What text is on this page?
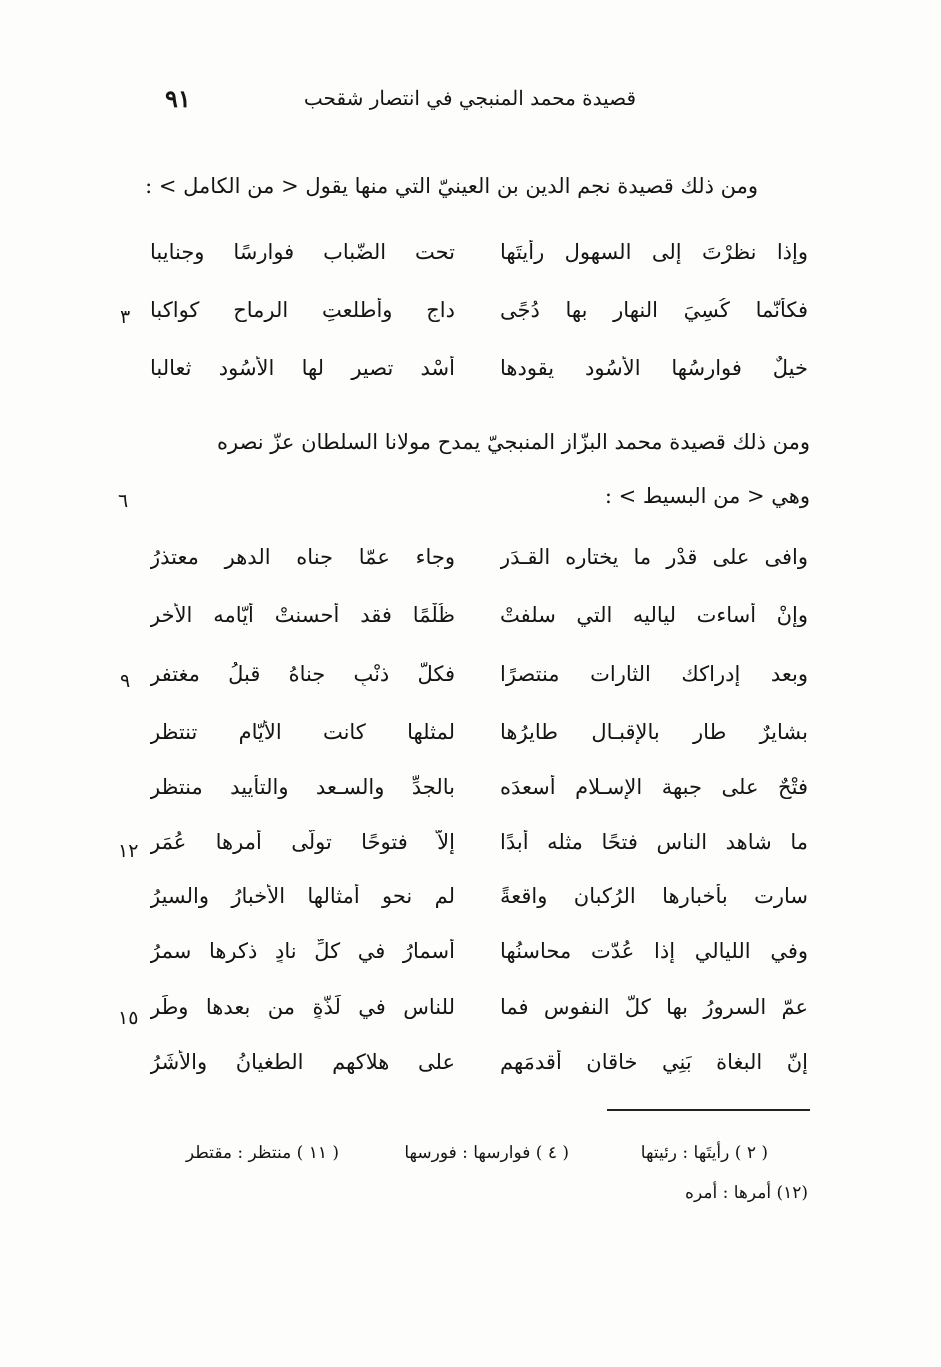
قصيدة محمد المنبجي في انتصار شقحب
٩١
ومن ذلك قصيدة نجم الدين بن العينيّ التي منها يقول < من الكامل > :
وإذا نظرْتَ إلى السهول رأيتَها
تحت الضّباب فوارسًا وجنايبا
فكأنّما كُسِيَ النهار بها دُجًى
داجٍ وأطلعتِ الرماح كواكبا
٣
خيلٌ فوارسُها الأسُود يقودها
أُسْد تصير لها الأُسُود ثعالبا
ومن ذلك قصيدة محمد البزّاز المنبجيّ يمدح مولانا السلطان عزّ نصره
وهي < من البسيط > :
٦
وافى على قدْرٍ ما يختاره القـدَر
وجاء عمّا جناه الدهر معتذرُ
وإنْ أساءت لياليه التي سلفتْ
ظُلْمًا فقد أحسنتْ أيّامه الأُخر
وبعد إدراكك الثارات منتصرًا
فكلُّ ذنْبٍ جناهُ قبلُ مغتفر
٩
بشايرٌ طار بالإقبـال طايرُها
لمثلها كانت الأيّام تنتظر
فتْحٌ على جبهة الإسـلام أسعدَه
بالجدِّ والسـعد والتأييد منتظر
ما شاهد الناس فتحًا مثله أبدًا
إلاّ فتوحًا تولّى أمرها عُمَر
١٢
سارت بأخبارها الرُكبان واقعةً
لم نحوِ أمثالها الأخبارُ والسيرُ
وفي الليالي إذا عُدّت محاسنُها
أسمارُ في كلِّ نادٍ ذكرها سمرُ
عمّ السرورُ بها كلَّ النفوس فما
للناس في لَذّةٍ من بعدها وطَر
١٥
إنّ البغاة بَنِي خاقان أقدمَهم
على هلاكهم الطغيانُ والأشَرُ
( ٢ ) رأيتَها : رئيتها
( ٤ ) فوارسها : فورسها
( ١١ ) منتظر : مقتطر
(١٢) أمرها : أمره
